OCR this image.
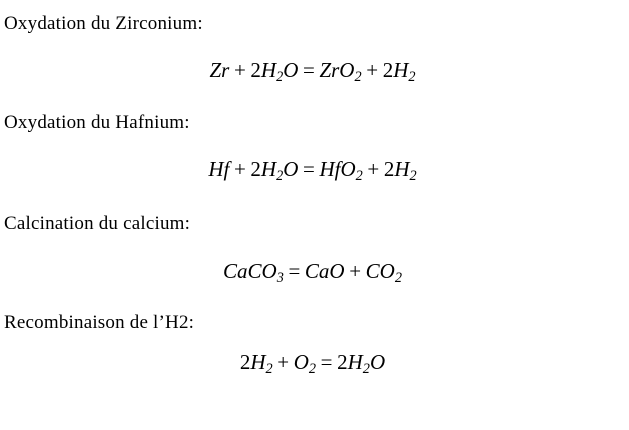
Oxydation du Zirconium:
$Zr + 2H_2O = ZrO_2 + 2H_2$
Oxydation du Hafnium:
$Hf + 2H_2O = HfO_2 + 2H_2$
Calcination du calcium:
CaCO$_3$ = CaO + $CO_2$
Recombinaison de l’H2:
$2H_2 + O_2 = 2H_2O$
